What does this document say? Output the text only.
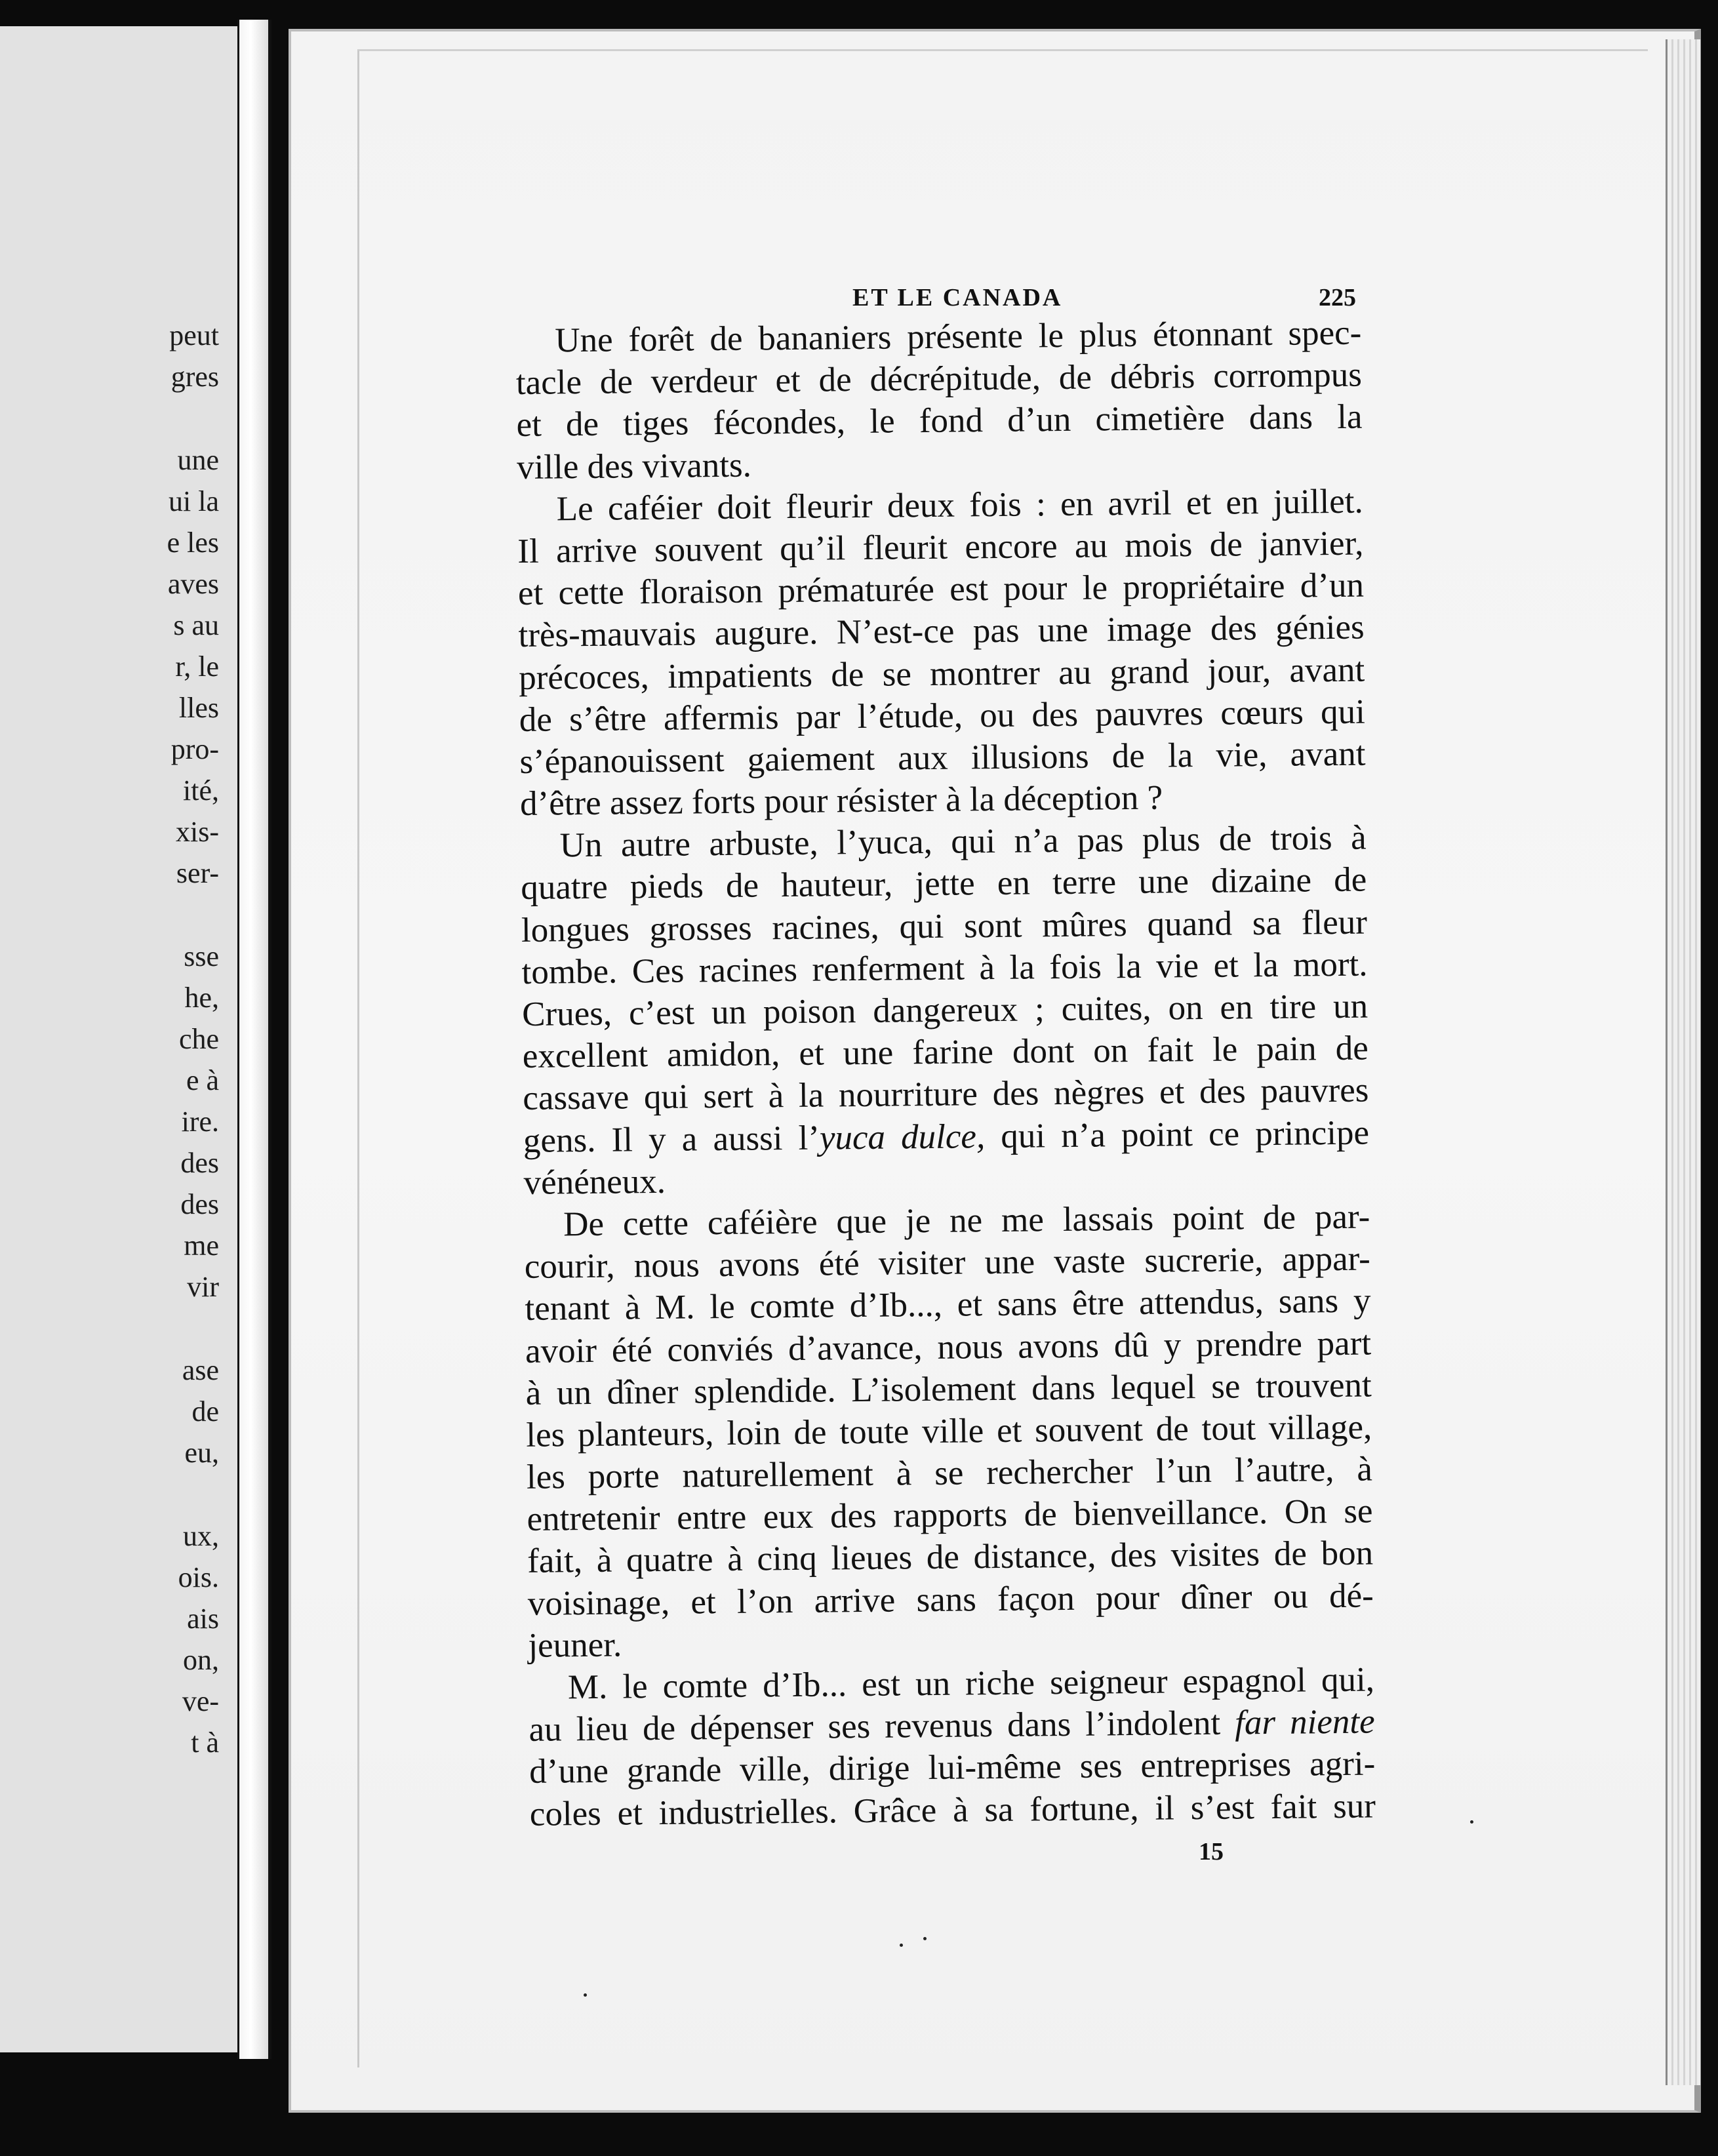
peut
gres
une
ui la
e les
aves
s au
r, le
lles
pro-
ité,
xis-
ser-
sse
he,
che
e à
ire.
des
des
me
vir
ase
de
eu,
ux,
ois.
ais
on,
ve-
t à
ET LE CANADA	225
Une forêt de bananiers présente le plus étonnant spec-
tacle de verdeur et de décrépitude, de débris corrompus
et de tiges fécondes, le fond d’un cimetière dans la
ville des vivants.
Le caféier doit fleurir deux fois : en avril et en juillet.
Il arrive souvent qu’il fleurit encore au mois de janvier,
et cette floraison prématurée est pour le propriétaire d’un
très-mauvais augure. N’est-ce pas une image des génies
précoces, impatients de se montrer au grand jour, avant
de s’être affermis par l’étude, ou des pauvres cœurs qui
s’épanouissent gaiement aux illusions de la vie, avant
d’être assez forts pour résister à la déception ?
Un autre arbuste, l’yuca, qui n’a pas plus de trois à
quatre pieds de hauteur, jette en terre une dizaine de
longues grosses racines, qui sont mûres quand sa fleur
tombe. Ces racines renferment à la fois la vie et la mort.
Crues, c’est un poison dangereux ; cuites, on en tire un
excellent amidon, et une farine dont on fait le pain de
cassave qui sert à la nourriture des nègres et des pauvres
gens. Il y a aussi l’yuca dulce, qui n’a point ce principe
vénéneux.
De cette caféière que je ne me lassais point de par-
courir, nous avons été visiter une vaste sucrerie, appar-
tenant à M. le comte d’Ib..., et sans être attendus, sans y
avoir été conviés d’avance, nous avons dû y prendre part
à un dîner splendide. L’isolement dans lequel se trouvent
les planteurs, loin de toute ville et souvent de tout village,
les porte naturellement à se rechercher l’un l’autre, à
entretenir entre eux des rapports de bienveillance. On se
fait, à quatre à cinq lieues de distance, des visites de bon
voisinage, et l’on arrive sans façon pour dîner ou dé-
jeuner.
M. le comte d’Ib... est un riche seigneur espagnol qui,
au lieu de dépenser ses revenus dans l’indolent far niente
d’une grande ville, dirige lui-même ses entreprises agri-
coles et industrielles. Grâce à sa fortune, il s’est fait sur
15
